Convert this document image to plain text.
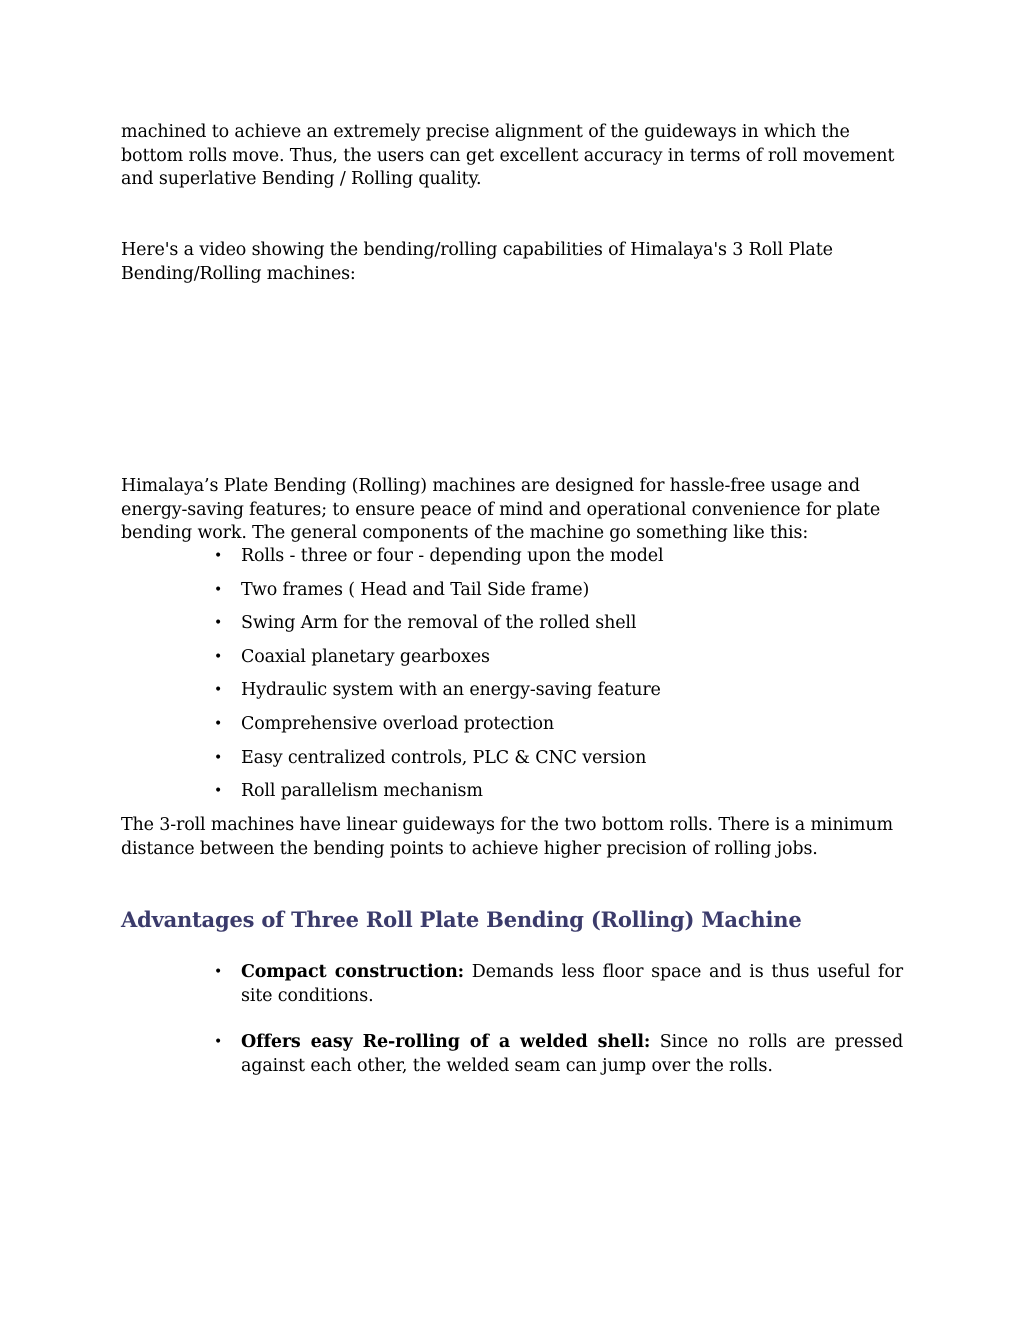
machined to achieve an extremely precise alignment of the guideways in which the bottom rolls move. Thus, the users can get excellent accuracy in terms of roll movement and superlative Bending / Rolling quality.

Here's a video showing the bending/rolling capabilities of Himalaya's 3 Roll Plate Bending/Rolling machines:

Himalaya’s Plate Bending (Rolling) machines are designed for hassle-free usage and energy-saving features; to ensure peace of mind and operational convenience for plate bending work. The general components of the machine go something like this:

• Rolls - three or four - depending upon the model
• Two frames ( Head and Tail Side frame)
• Swing Arm for the removal of the rolled shell
• Coaxial planetary gearboxes
• Hydraulic system with an energy-saving feature
• Comprehensive overload protection
• Easy centralized controls, PLC & CNC version
• Roll parallelism mechanism

The 3-roll machines have linear guideways for the two bottom rolls. There is a minimum distance between the bending points to achieve higher precision of rolling jobs.

Advantages of Three Roll Plate Bending (Rolling) Machine
• Compact construction: Demands less floor space and is thus useful for site conditions.
• Offers easy Re-rolling of a welded shell: Since no rolls are pressed against each other, the welded seam can jump over the rolls.
